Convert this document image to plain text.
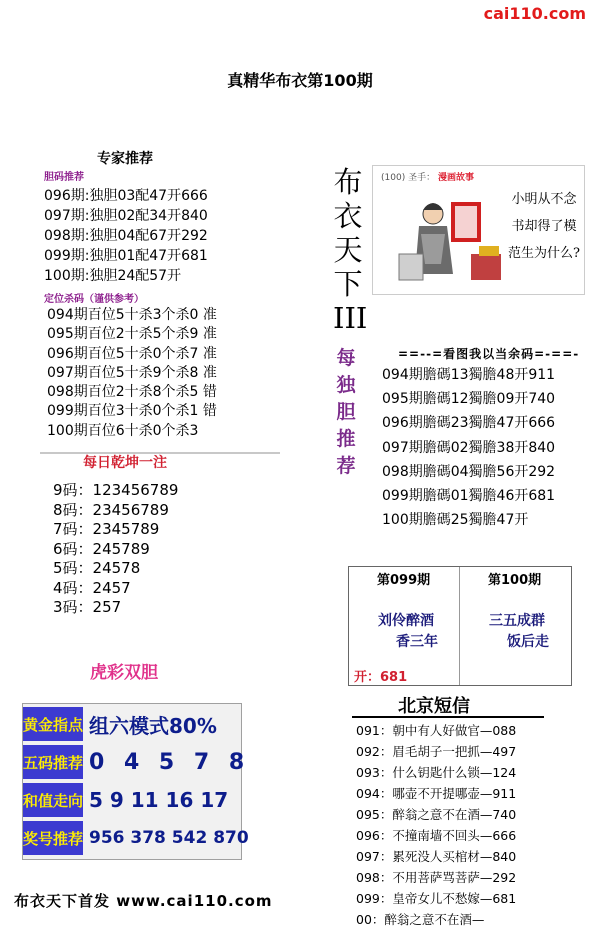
cai110.com
真精华布衣第100期
专家推荐
胆码推荐
096期:独胆03配47开666
097期:独胆02配34开840
098期:独胆04配67开292
099期:独胆01配47开681
100期:独胆24配57开
定位杀码（谨供参考）
094期百位5十杀3个杀0 准
095期百位2十杀5个杀9 准
096期百位5十杀0个杀7 准
097期百位5十杀9个杀8 准
098期百位2十杀8个杀5 错
099期百位3十杀0个杀1 错
100期百位6十杀0个杀3
每日乾坤一注
9码：123456789
8码：23456789
7码：2345789
6码：245789
5码：24578
4码：2457
3码：257
虎彩双胆
黄金指点 组六模式80%
五码推荐 0 4 5 7 8
和值走向 5 9 11 16 17
奖号推荐 956 378 542 870
布衣天下首发 www.cai110.com
布
衣
天
下
III
(100) 圣手： 漫画故事
小明从不念
书却得了模
范生为什么?
每
独
胆
推
荐
==--=看图我以当余码=-==-
094期膽碼13獨膽48开911
095期膽碼12獨膽09开740
096期膽碼23獨膽47开666
097期膽碼02獨膽38开840
098期膽碼04獨膽56开292
099期膽碼01獨膽46开681
100期膽碼25獨膽47开
第099期
刘伶醉酒
香三年
开：681
第100期
三五成群
饭后走
北京短信
091：朝中有人好做官—088
092：眉毛胡子一把抓—497
093：什么钥匙什么锁—124
094：哪壶不开提哪壶—911
095：醉翁之意不在酒—740
096：不撞南墙不回头—666
097：累死没人买棺材—840
098：不用菩萨骂菩萨—292
099：皇帝女儿不愁嫁—681
00：醉翁之意不在酒—
